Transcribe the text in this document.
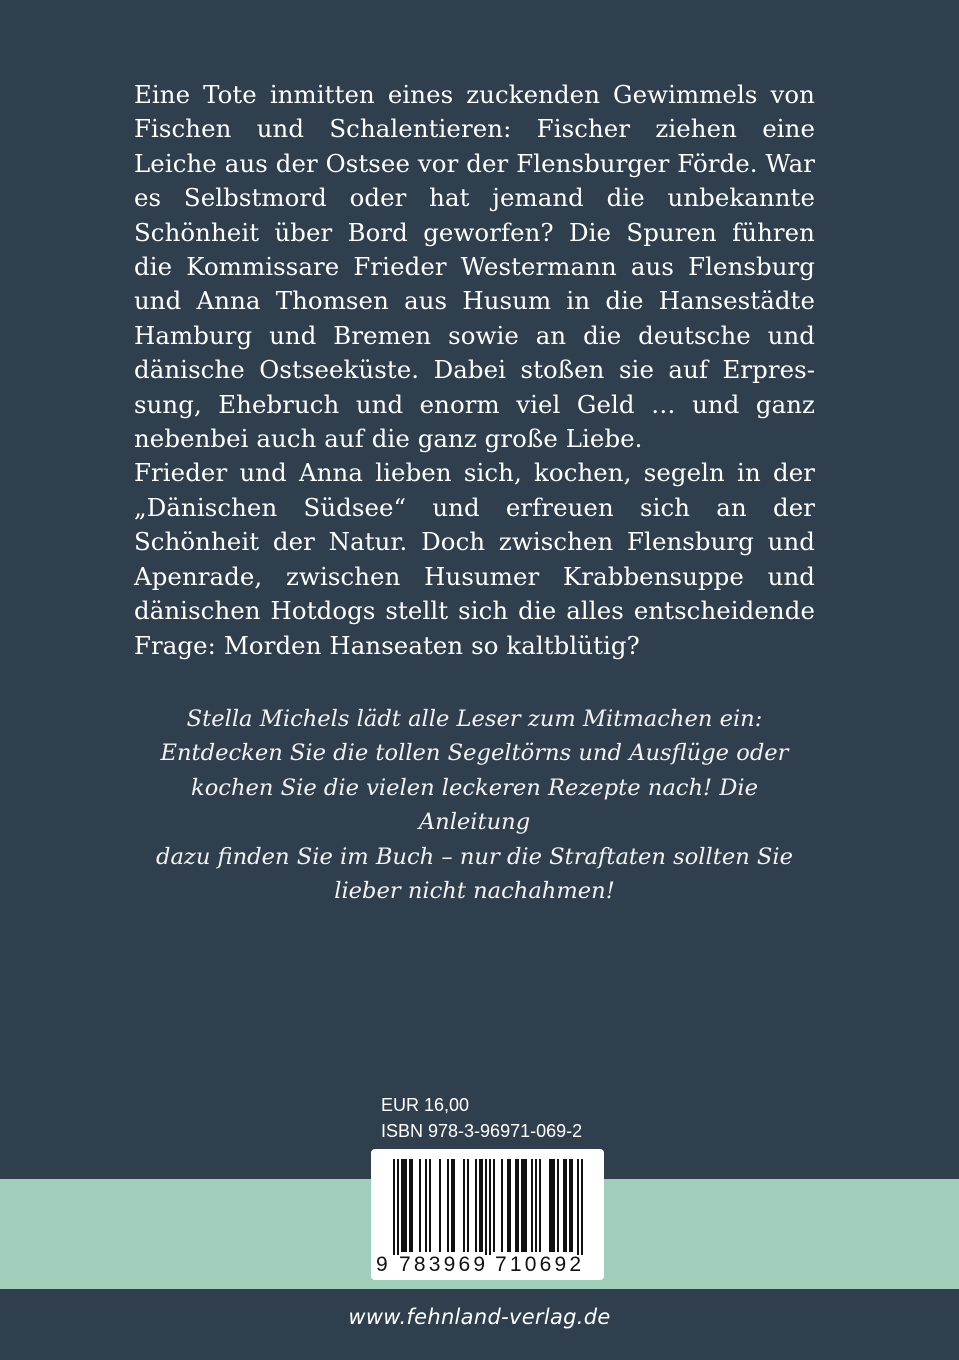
Eine Tote inmitten eines zuckenden Gewimmels von Fischen und Schalentieren: Fischer ziehen eine Leiche aus der Ostsee vor der Flensburger Förde. War es Selbstmord oder hat jemand die unbekannte Schönheit über Bord geworfen? Die Spuren führen die Kommissare Frieder Westermann aus Flensburg und Anna Thomsen aus Husum in die Hansestädte Hamburg und Bremen sowie an die deutsche und dänische Ostseeküste. Dabei stoßen sie auf Erpressung, Ehebruch und enorm viel Geld … und ganz nebenbei auch auf die ganz große Liebe.

Frieder und Anna lieben sich, kochen, segeln in der „Dänischen Südsee“ und erfreuen sich an der Schönheit der Natur. Doch zwischen Flensburg und Apenrade, zwischen Husumer Krabbensuppe und dänischen Hotdogs stellt sich die alles entscheidende Frage: Morden Hanseaten so kaltblütig?

Stella Michels lädt alle Leser zum Mitmachen ein:
Entdecken Sie die tollen Segeltörns und Ausflüge oder
kochen Sie die vielen leckeren Rezepte nach! Die Anleitung
dazu finden Sie im Buch – nur die Straftaten sollten Sie
lieber nicht nachahmen!
EUR 16,00
ISBN 978-3-96971-069-2
9 783969 710692
www.fehnland-verlag.de
